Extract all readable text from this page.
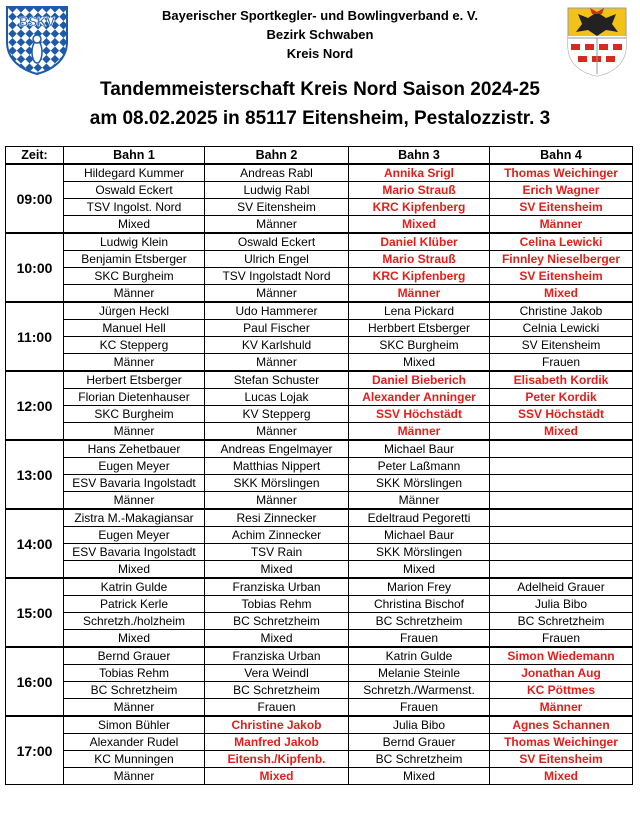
BSKV	Bayerischer Sportkegler- und Bowlingverband e. V.
Bezirk Schwaben
Kreis Nord
Tandemmeisterschaft Kreis Nord Saison 2024-25
am 08.02.2025 in 85117 Eitensheim, Pestalozzistr. 3
Zeit:	Bahn 1	Bahn 2	Bahn 3	Bahn 4
09:00	Hildegard Kummer	Andreas Rabl	Annika Srigl	Thomas Weichinger
	Oswald Eckert	Ludwig Rabl	Mario Strauß	Erich Wagner
	TSV Ingolst. Nord	SV Eitensheim	KRC Kipfenberg	SV Eitensheim
	Mixed	Männer	Mixed	Männer
10:00	Ludwig Klein	Oswald Eckert	Daniel Klüber	Celina Lewicki
	Benjamin Etsberger	Ulrich Engel	Mario Strauß	Finnley Nieselberger
	SKC Burgheim	TSV Ingolstadt Nord	KRC Kipfenberg	SV Eitensheim
	Männer	Männer	Männer	Mixed
11:00	Jürgen Heckl	Udo Hammerer	Lena Pickard	Christine Jakob
	Manuel Hell	Paul Fischer	Herbbert Etsberger	Celnia Lewicki
	KC Stepperg	KV Karlshuld	SKC Burgheim	SV Eitensheim
	Männer	Männer	Mixed	Frauen
12:00	Herbert Etsberger	Stefan Schuster	Daniel Bieberich	Elisabeth Kordik
	Florian Dietenhauser	Lucas Lojak	Alexander Anninger	Peter Kordik
	SKC Burgheim	KV Stepperg	SSV Höchstädt	SSV Höchstädt
	Männer	Männer	Männer	Mixed
13:00	Hans Zehetbauer	Andreas Engelmayer	Michael Baur	
	Eugen Meyer	Matthias Nippert	Peter Laßmann	
	ESV Bavaria Ingolstadt	SKK Mörslingen	SKK Mörslingen	
	Männer	Männer	Männer	
14:00	Zistra M.-Makagiansar	Resi Zinnecker	Edeltraud Pegoretti	
	Eugen Meyer	Achim Zinnecker	Michael Baur	
	ESV Bavaria Ingolstadt	TSV Rain	SKK Mörslingen	
	Mixed	Mixed	Mixed	
15:00	Katrin Gulde	Franziska Urban	Marion Frey	Adelheid Grauer
	Patrick Kerle	Tobias Rehm	Christina Bischof	Julia Bibo
	Schretzh./holzheim	BC Schretzheim	BC Schretzheim	BC Schretzheim
	Mixed	Mixed	Frauen	Frauen
16:00	Bernd Grauer	Franziska Urban	Katrin Gulde	Simon Wiedemann
	Tobias Rehm	Vera Weindl	Melanie Steinle	Jonathan Aug
	BC Schretzheim	BC Schretzheim	Schretzh./Warmenst.	KC Pöttmes
	Männer	Frauen	Frauen	Männer
17:00	Simon Bühler	Christine Jakob	Julia Bibo	Agnes Schannen
	Alexander Rudel	Manfred Jakob	Bernd Grauer	Thomas Weichinger
	KC Munningen	Eitensh./Kipfenb.	BC Schretzheim	SV Eitensheim
	Männer	Mixed	Mixed	Mixed
